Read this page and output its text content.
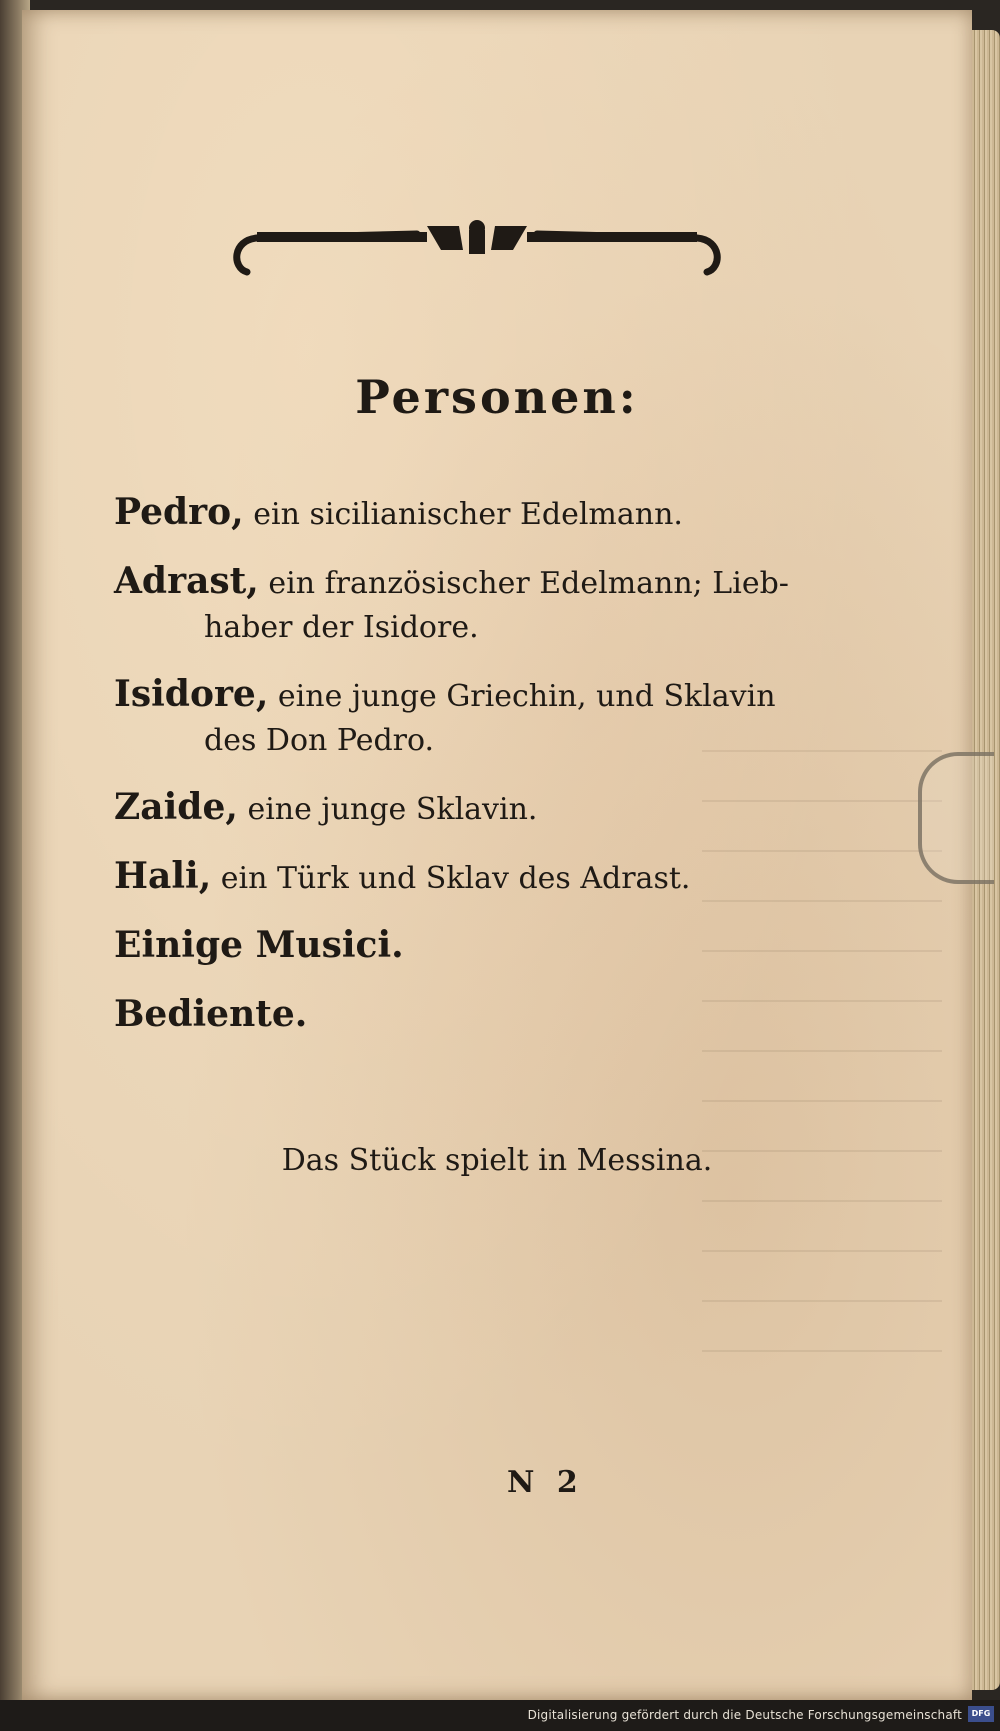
Personen:
Pedro, ein sicilianischer Edelmann.
Adrast, ein französischer Edelmann; Lieb-
haber der Isidore.
Isidore, eine junge Griechin, und Sklavin
des Don Pedro.
Zaide, eine junge Sklavin.
Hali, ein Türk und Sklav des Adrast.
Einige Musici.
Bediente.
Das Stück spielt in Messina.
N 2
Digitalisierung gefördert durch die Deutsche Forschungsgemeinschaft	DFG
